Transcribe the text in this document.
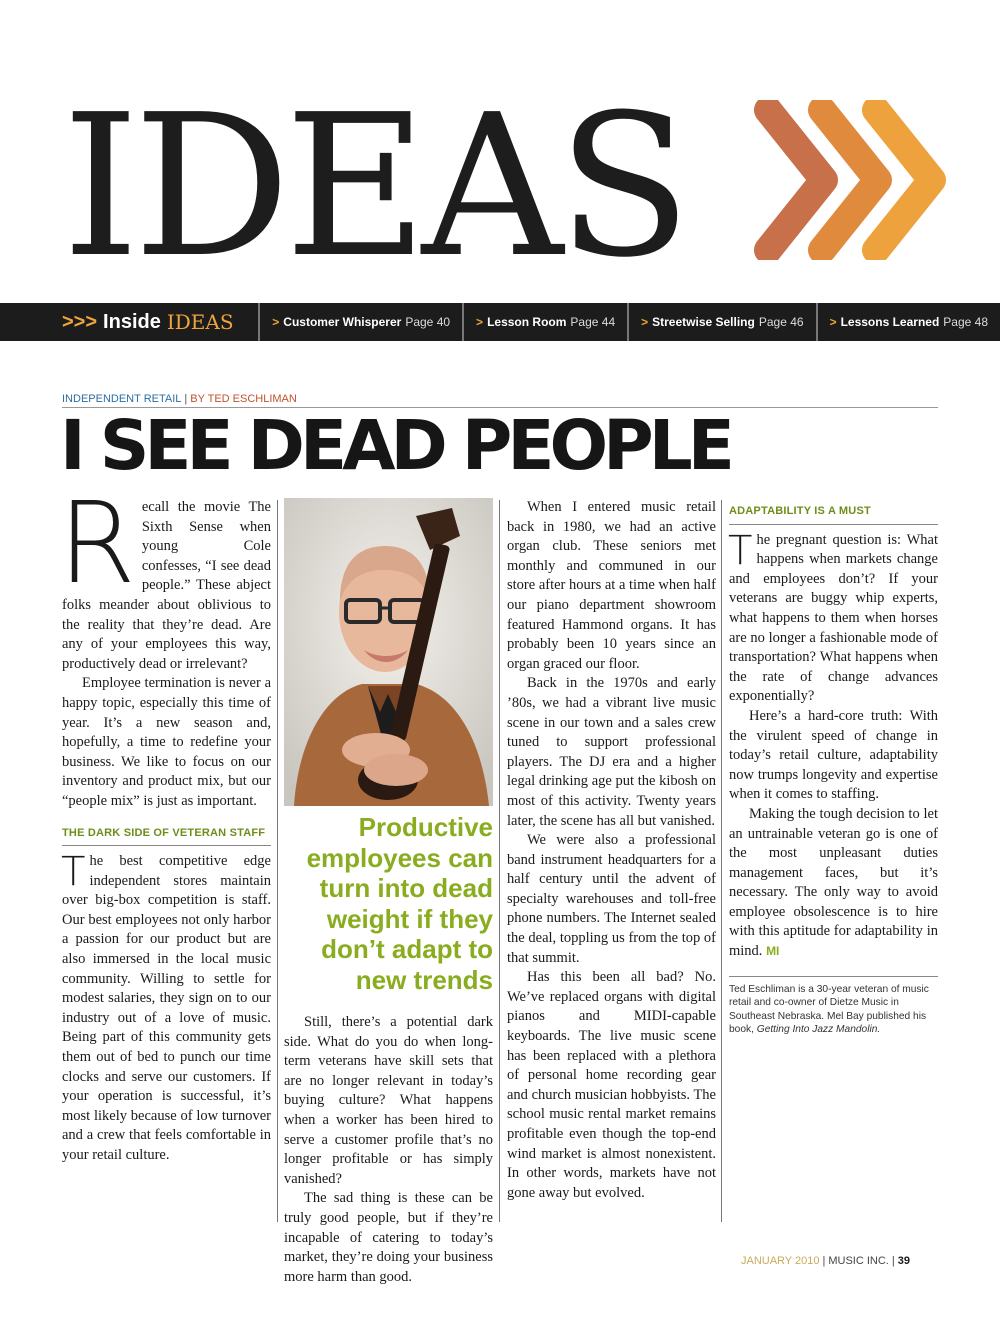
IDEAS
>>> Inside IDEAS	> Customer Whisperer Page 40 > Lesson Room Page 44 > Streetwise Selling Page 46 > Lessons Learned Page 48
INDEPENDENT RETAIL | BY TED ESCHLIMAN
I SEE DEAD PEOPLE

Recall the movie The Sixth Sense when young Cole confesses, “I see dead people.” These abject folks meander about oblivious to the reality that they’re dead. Are any of your employees this way, productively dead or irrelevant?

Employee termination is never a happy topic, especially this time of year. It’s a new season and, hopefully, a time to redefine your business. We like to focus on our inventory and product mix, but our “people mix” is just as important.

THE DARK SIDE OF VETERAN STAFF

The best competitive edge independent stores maintain over big-box competition is staff. Our best employees not only harbor a passion for our product but are also immersed in the local music community. Willing to settle for modest salaries, they sign on to our industry out of a love of music. Being part of this community gets them out of bed to punch our time clocks and serve our customers. If your operation is successful, it’s most likely because of low turnover and a crew that feels comfortable in your retail culture.

Productive employees can turn into dead weight if they don’t adapt to new trends

Still, there’s a potential dark side. What do you do when long-term veterans have skill sets that are no longer relevant in today’s buying culture? What happens when a worker has been hired to serve a customer profile that’s no longer profitable or has simply vanished?

The sad thing is these can be truly good people, but if they’re incapable of catering to today’s market, they’re doing your business more harm than good.

When I entered music retail back in 1980, we had an active organ club. These seniors met monthly and communed in our store after hours at a time when half our piano department showroom featured Hammond organs. It has probably been 10 years since an organ graced our floor.

Back in the 1970s and early ’80s, we had a vibrant live music scene in our town and a sales crew tuned to support professional players. The DJ era and a higher legal drinking age put the kibosh on most of this activity. Twenty years later, the scene has all but vanished.

We were also a professional band instrument headquarters for a half century until the advent of specialty warehouses and toll-free phone numbers. The Internet sealed the deal, toppling us from the top of that summit.

Has this been all bad? No. We’ve replaced organs with digital pianos and MIDI-capable keyboards. The live music scene has been replaced with a plethora of personal home recording gear and church musician hobbyists. The school music rental market remains profitable even though the top-end wind market is almost nonexistent. In other words, markets have not gone away but evolved.

ADAPTABILITY IS A MUST

The pregnant question is: What happens when markets change and employees don’t? If your veterans are buggy whip experts, what happens to them when horses are no longer a fashionable mode of transportation? What happens when the rate of change advances exponentially?

Here’s a hard-core truth: With the virulent speed of change in today’s retail culture, adaptability now trumps longevity and expertise when it comes to staffing.

Making the tough decision to let an untrainable veteran go is one of the most unpleasant duties management faces, but it’s necessary. The only way to avoid employee obsolescence is to hire with this aptitude for adaptability in mind. MI

Ted Eschliman is a 30-year veteran of music retail and co-owner of Dietze Music in Southeast Nebraska. Mel Bay published his book, Getting Into Jazz Mandolin.
JANUARY 2010 | MUSIC INC. | 39
